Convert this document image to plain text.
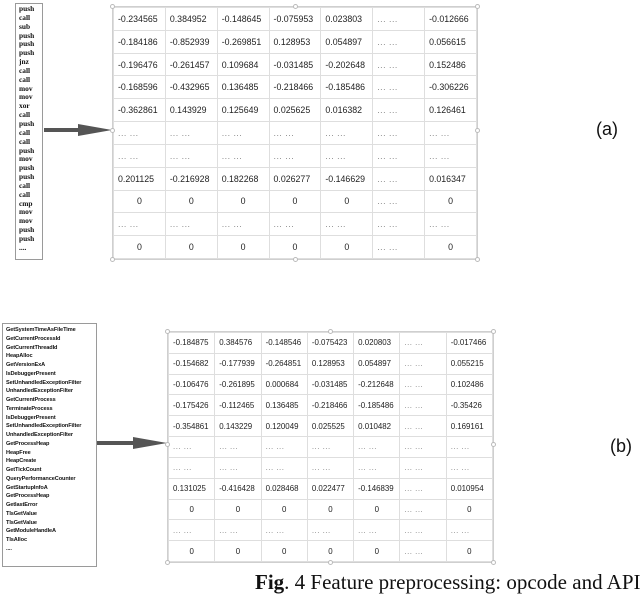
push
call
sub
push
push
push
jnz
call
call
mov
mov
xor
call
push
call
call
push
mov
push
push
call
call
cmp
mov
mov
push
push
....
-0.234565	0.384952	-0.148645	-0.075953	0.023803	... ...	-0.012666
-0.184186	-0.852939	-0.269851	0.128953	0.054897	... ...	0.056615
-0.196476	-0.261457	0.109684	-0.031485	-0.202648	... ...	0.152486
-0.168596	-0.432965	0.136485	-0.218466	-0.185486	... ...	-0.306226
-0.362861	0.143929	0.125649	0.025625	0.016382	... ...	0.126461
... ...	... ...	... ...	... ...	... ...	... ...	... ...
... ...	... ...	... ...	... ...	... ...	... ...	... ...
0.201125	-0.216928	0.182268	0.026277	-0.146629	... ...	0.016347
0	0	0	0	0	... ...	0
... ...	... ...	... ...	... ...	... ...	... ...	... ...
0	0	0	0	0	... ...	0
(a)
GetSystemTimeAsFileTime
GetCurrentProcessId
GetCurrentThreadId
HeapAlloc
GetVersionExA
IsDebuggerPresent
SetUnhandledExceptionFilter
UnhandledExceptionFilter
GetCurrentProcess
TerminateProcess
IsDebuggerPresent
SetUnhandledExceptionFilter
UnhandledExceptionFilter
GetProcessHeap
HeapFree
HeapCreate
GetTickCount
QueryPerformanceCounter
GetStartupInfoA
GetProcessHeap
GetlastError
TlsGetValue
TlsGetValue
GetModuleHandleA
TlsAlloc
....
-0.184875	0.384576	-0.148546	-0.075423	0.020803	... ...	-0.017466
-0.154682	-0.177939	-0.264851	0.128953	0.054897	... ...	0.055215
-0.106476	-0.261895	0.000684	-0.031485	-0.212648	... ...	0.102486
-0.175426	-0.112465	0.136485	-0.218466	-0.185486	... ...	-0.35426
-0.354861	0.143229	0.120049	0.025525	0.010482	... ...	0.169161
... ...	... ...	... ...	... ...	... ...	... ...	... ...
... ...	... ...	... ...	... ...	... ...	... ...	... ...
0.131025	-0.416428	0.028468	0.022477	-0.146839	... ...	0.010954
0	0	0	0	0	... ...	0
... ...	... ...	... ...	... ...	... ...	... ...	... ...
0	0	0	0	0	... ...	0
(b)
Fig. 4 Feature preprocessing: opcode and API
